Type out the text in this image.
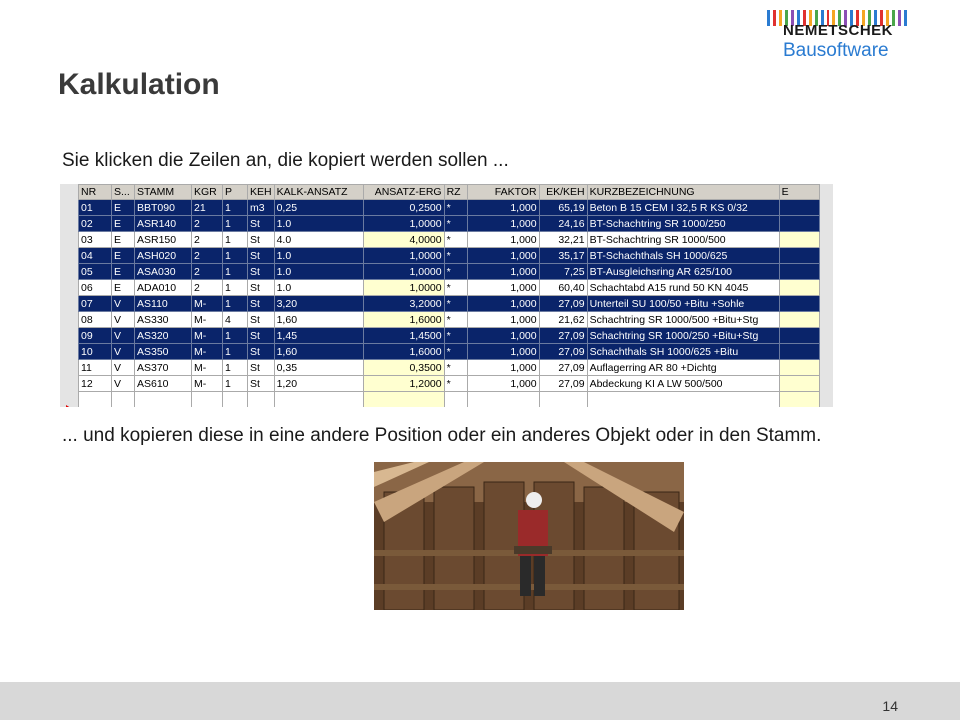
NEMETSCHEK
Bausoftware
Kalkulation
Sie klicken die Zeilen an, die kopiert werden sollen ...
NR	S...	STAMM	KGR	P	KEH	KALK-ANSATZ	ANSATZ-ERG	RZ	FAKTOR	EK/KEH	KURZBEZEICHNUNG	E
01	E	BBT090	21	1	m3	0,25	0,2500	*	1,000	65,19	Beton B 15 CEM I 32,5 R KS 0/32	
02	E	ASR140	2	1	St	1.0	1,0000	*	1,000	24,16	BT-Schachtring SR 1000/250	
03	E	ASR150	2	1	St	4.0	4,0000	*	1,000	32,21	BT-Schachtring SR 1000/500	
04	E	ASH020	2	1	St	1.0	1,0000	*	1,000	35,17	BT-Schachthals SH 1000/625	
05	E	ASA030	2	1	St	1.0	1,0000	*	1,000	7,25	BT-Ausgleichsring AR 625/100	
06	E	ADA010	2	1	St	1.0	1,0000	*	1,000	60,40	Schachtabd A15 rund 50 KN 4045	
07	V	AS110	M-	1	St	3,20	3,2000	*	1,000	27,09	Unterteil SU 100/50 +Bitu +Sohle	
08	V	AS330	M-	4	St	1,60	1,6000	*	1,000	21,62	Schachtring SR 1000/500 +Bitu+Stg	
09	V	AS320	M-	1	St	1,45	1,4500	*	1,000	27,09	Schachtring SR 1000/250 +Bitu+Stg	
10	V	AS350	M-	1	St	1,60	1,6000	*	1,000	27,09	Schachthals SH 1000/625 +Bitu	
11	V	AS370	M-	1	St	0,35	0,3500	*	1,000	27,09	Auflagerring AR 80 +Dichtg	
12	V	AS610	M-	1	St	1,20	1,2000	*	1,000	27,09	Abdeckung KI A LW 500/500	

... und kopieren diese in eine andere Position oder ein anderes Objekt oder in den Stamm.
14
